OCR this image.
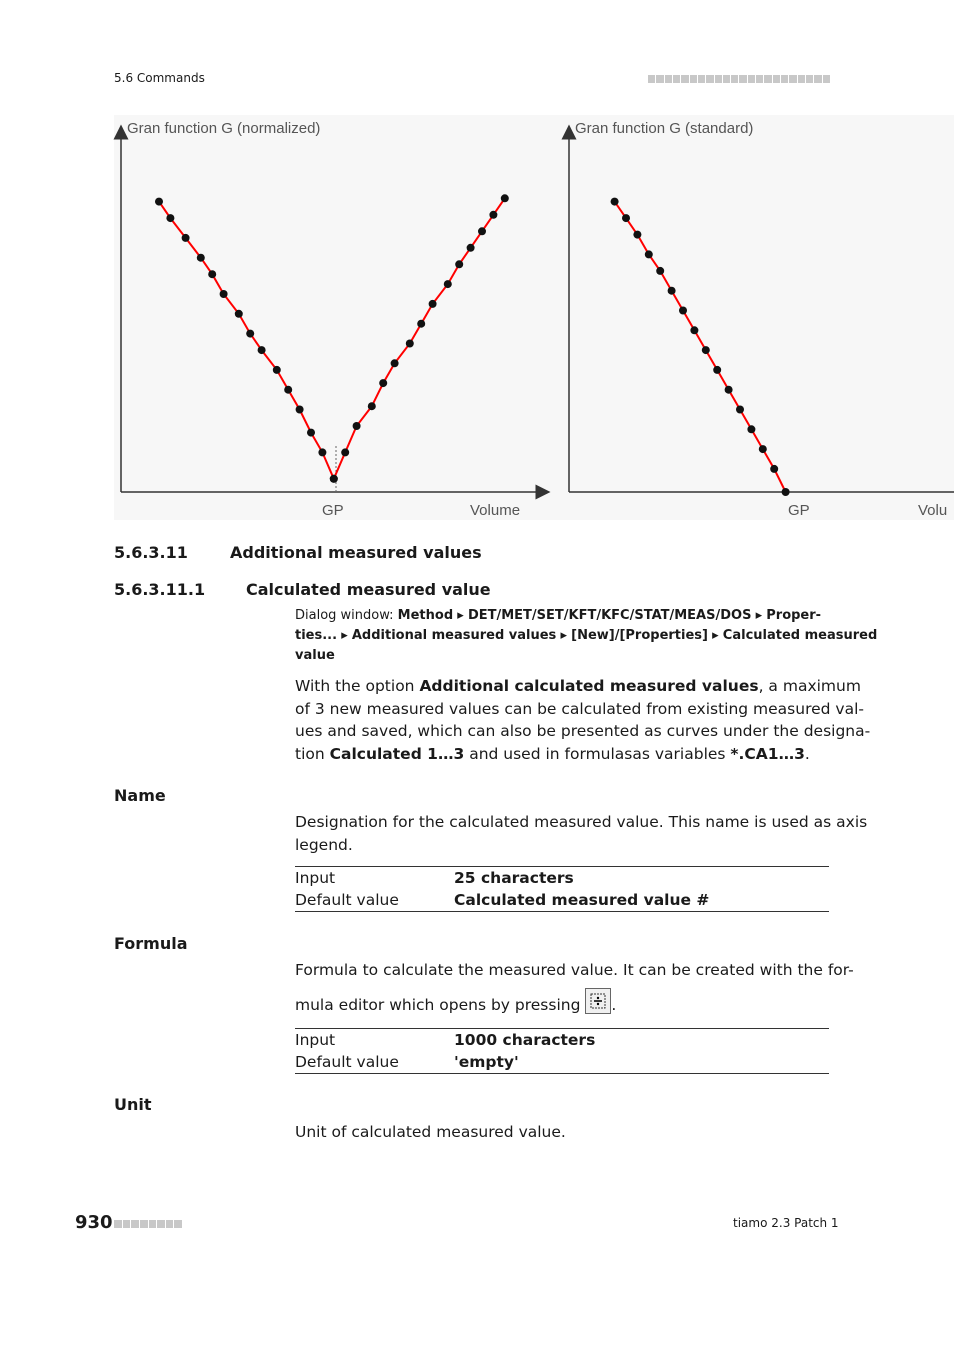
5.6 Commands
Gran function G (normalized)
Volume
GP
Gran function G (standard)
Volu
GP
5.6.3.11	Additional measured values
5.6.3.11.1	Calculated measured value
Dialog window: Method ▸ DET/MET/SET/KFT/KFC/STAT/MEAS/DOS ▸ Proper-
ties... ▸ Additional measured values ▸ [New]/[Properties] ▸ Calculated measured
value
With the option Additional calculated measured values, a maximum
of 3 new measured values can be calculated from existing measured val-
ues and saved, which can also be presented as curves under the designa-
tion Calculated 1…3 and used in formulasas variables *.CA1…3.
Name
Designation for the calculated measured value. This name is used as axis
legend.
Input	25 characters
Default value	Calculated measured value #
Formula
Formula to calculate the measured value. It can be created with the for-
mula editor which opens by pressing
.
Input	1000 characters
Default value	'empty'
Unit
Unit of calculated measured value.
930	tiamo 2.3 Patch 1
